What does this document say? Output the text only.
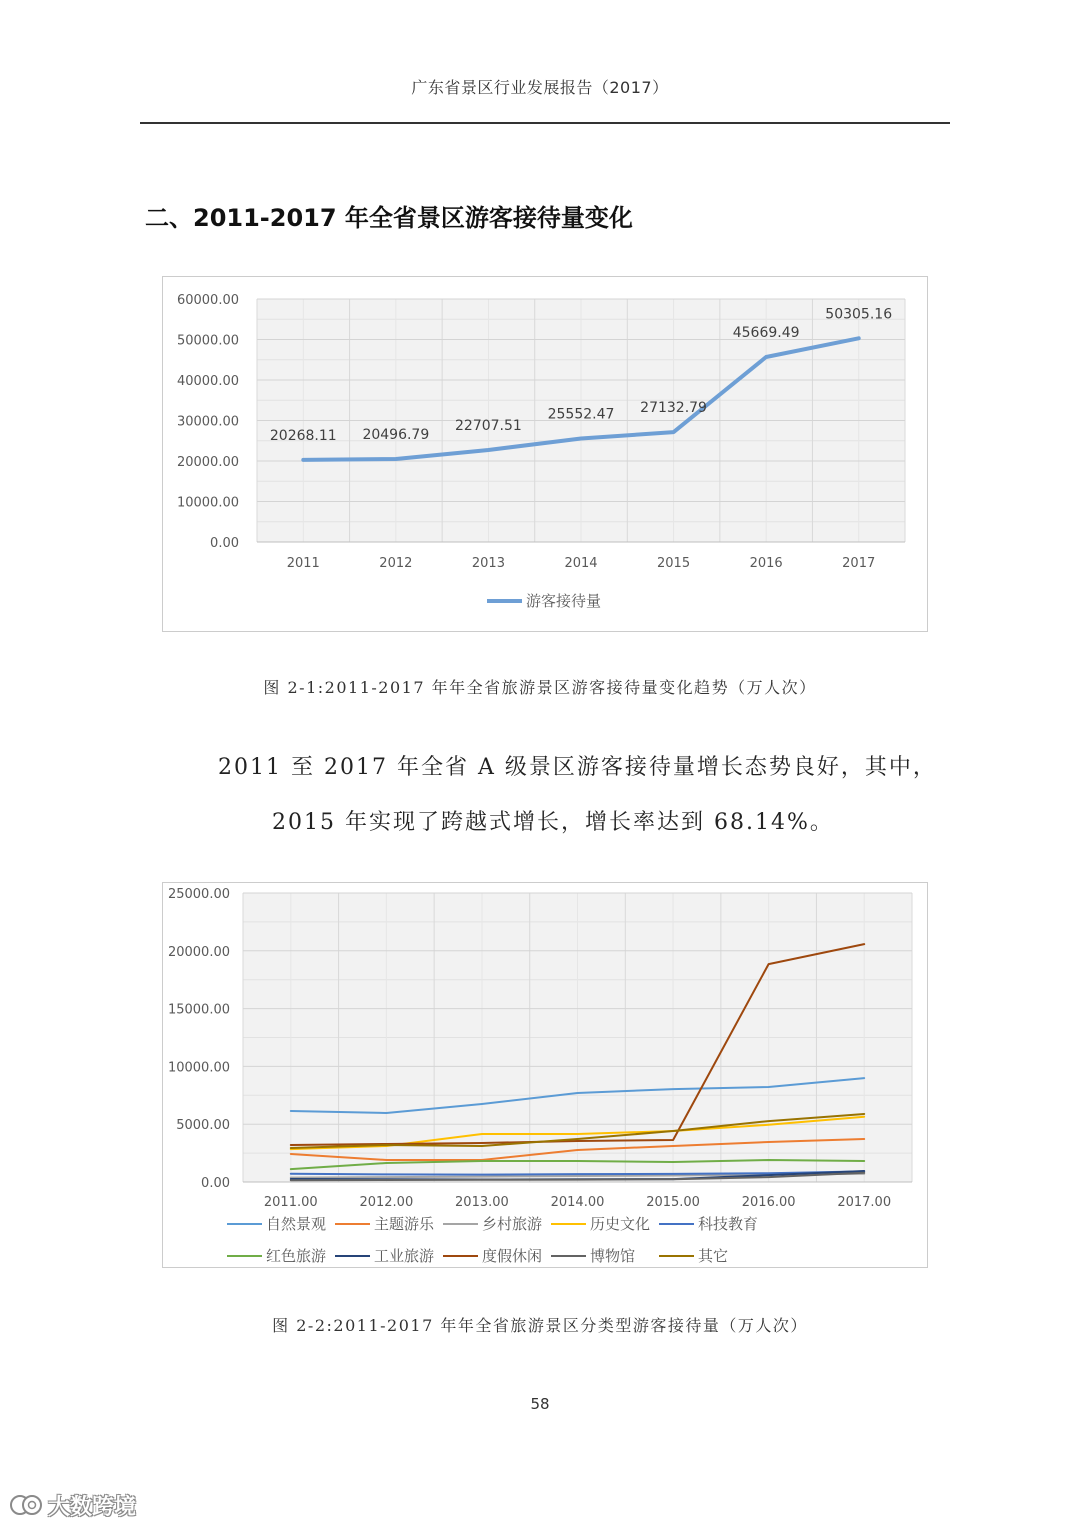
广东省景区行业发展报告（2017）
二、2011-2017 年全省景区游客接待量变化
0.00
10000.00
20000.00
30000.00
40000.00
50000.00
60000.00
2011	2012	2013	2014	2015	2016	2017
20268.11 20496.79
22707.51
25552.47 27132.79
45669.49
50305.16
游客接待量
图 2-1:2011-2017 年年全省旅游景区游客接待量变化趋势（万人次）
2011 至 2017 年全省 A 级景区游客接待量增长态势良好，其中，
2015 年实现了跨越式增长，增长率达到 68.14%。
0.00
5000.00
10000.00
15000.00
20000.00
25000.00
2011.00	2012.00	2013.00	2014.00	2015.00	2016.00	2017.00
自然景观	主题游乐	乡村旅游	历史文化	科技教育
红色旅游	工业旅游	度假休闲	博物馆	其它
图 2-2:2011-2017 年年全省旅游景区分类型游客接待量（万人次）
58
大数跨境
